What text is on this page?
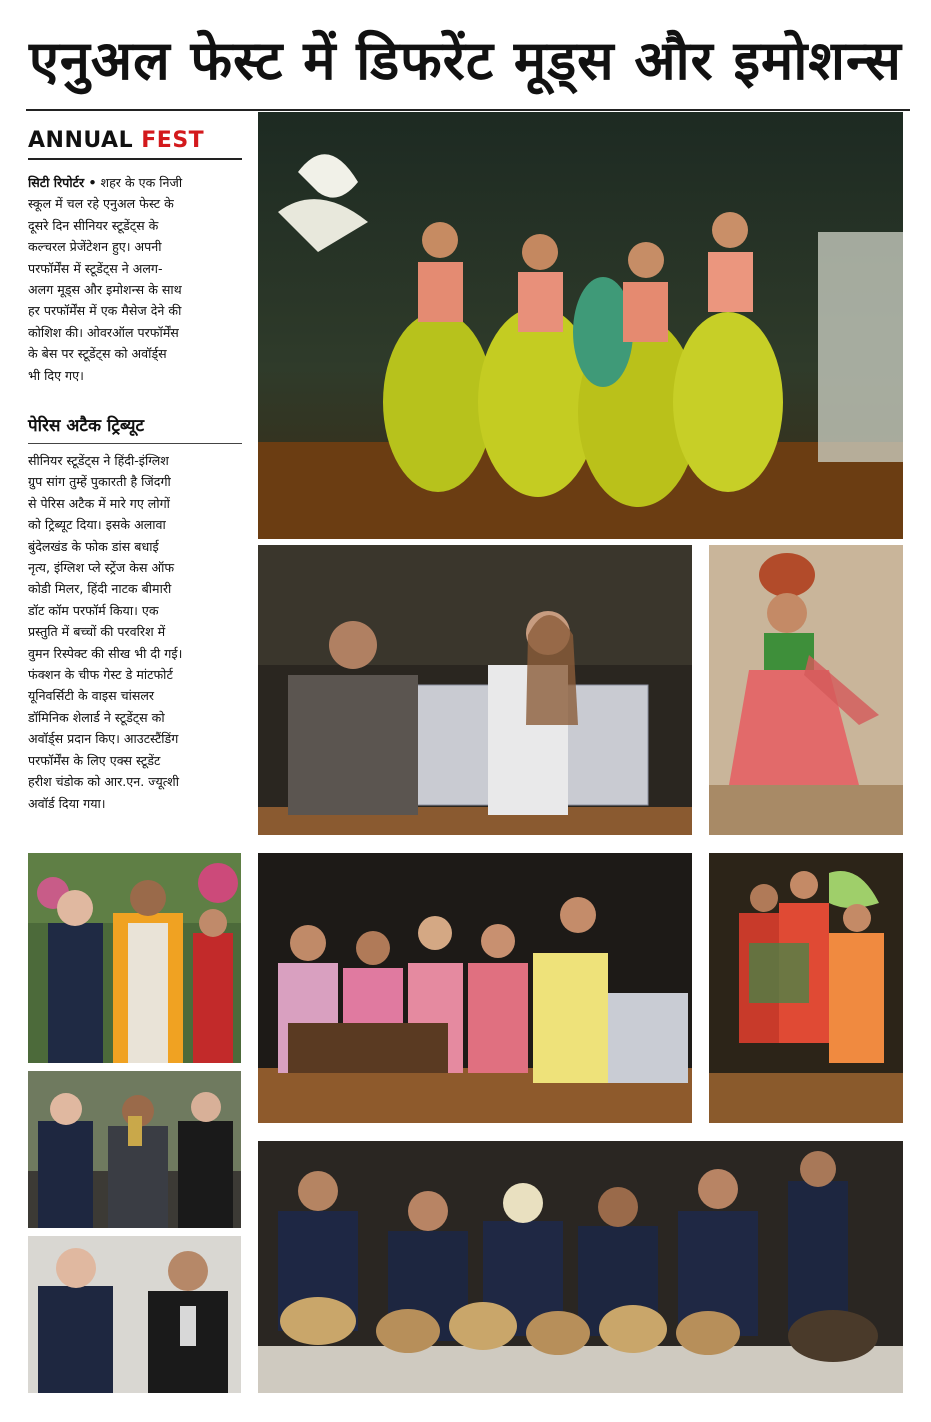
एनुअल फेस्ट में डिफरेंट मूड्स और इमोशन्स
ANNUAL FEST
सिटी रिपोर्टर • शहर के एक निजी
स्कूल में चल रहे एनुअल फेस्ट के
दूसरे दिन सीनियर स्टूडेंट्स के
कल्चरल प्रेजेंटेशन हुए। अपनी
परफॉर्मेंस में स्टूडेंट्स ने अलग-
अलग मूड्स और इमोशन्स के साथ
हर परफॉर्मेंस में एक मैसेज देने की
कोशिश की। ओवरऑल परफॉर्मेंस
के बेस पर स्टूडेंट्स को अवॉर्ड्स
भी दिए गए।
पेरिस अटैक ट्रिब्यूट
सीनियर स्टूडेंट्स ने हिंदी-इंग्लिश
ग्रुप सांग तुम्हें पुकारती है जिंदगी
से पेरिस अटैक में मारे गए लोगों
को ट्रिब्यूट दिया। इसके अलावा
बुंदेलखंड के फोक डांस बधाई
नृत्य, इंग्लिश प्ले स्ट्रेंज केस ऑफ
कोडी मिलर, हिंदी नाटक बीमारी
डॉट कॉम परफॉर्म किया। एक
प्रस्तुति में बच्चों की परवरिश में
वुमन रिस्पेक्ट की सीख भी दी गई।
फंक्शन के चीफ गेस्ट डे मांटफोर्ट
यूनिवर्सिटी के वाइस चांसलर
डॉमिनिक शेलार्ड ने स्टूडेंट्स को
अवॉर्ड्स प्रदान किए। आउटस्टैंडिंग
परफॉर्मेंस के लिए एक्स स्टूडेंट
हरीश चंडोक को आर.एन. ज्यूत्शी
अवॉर्ड दिया गया।
